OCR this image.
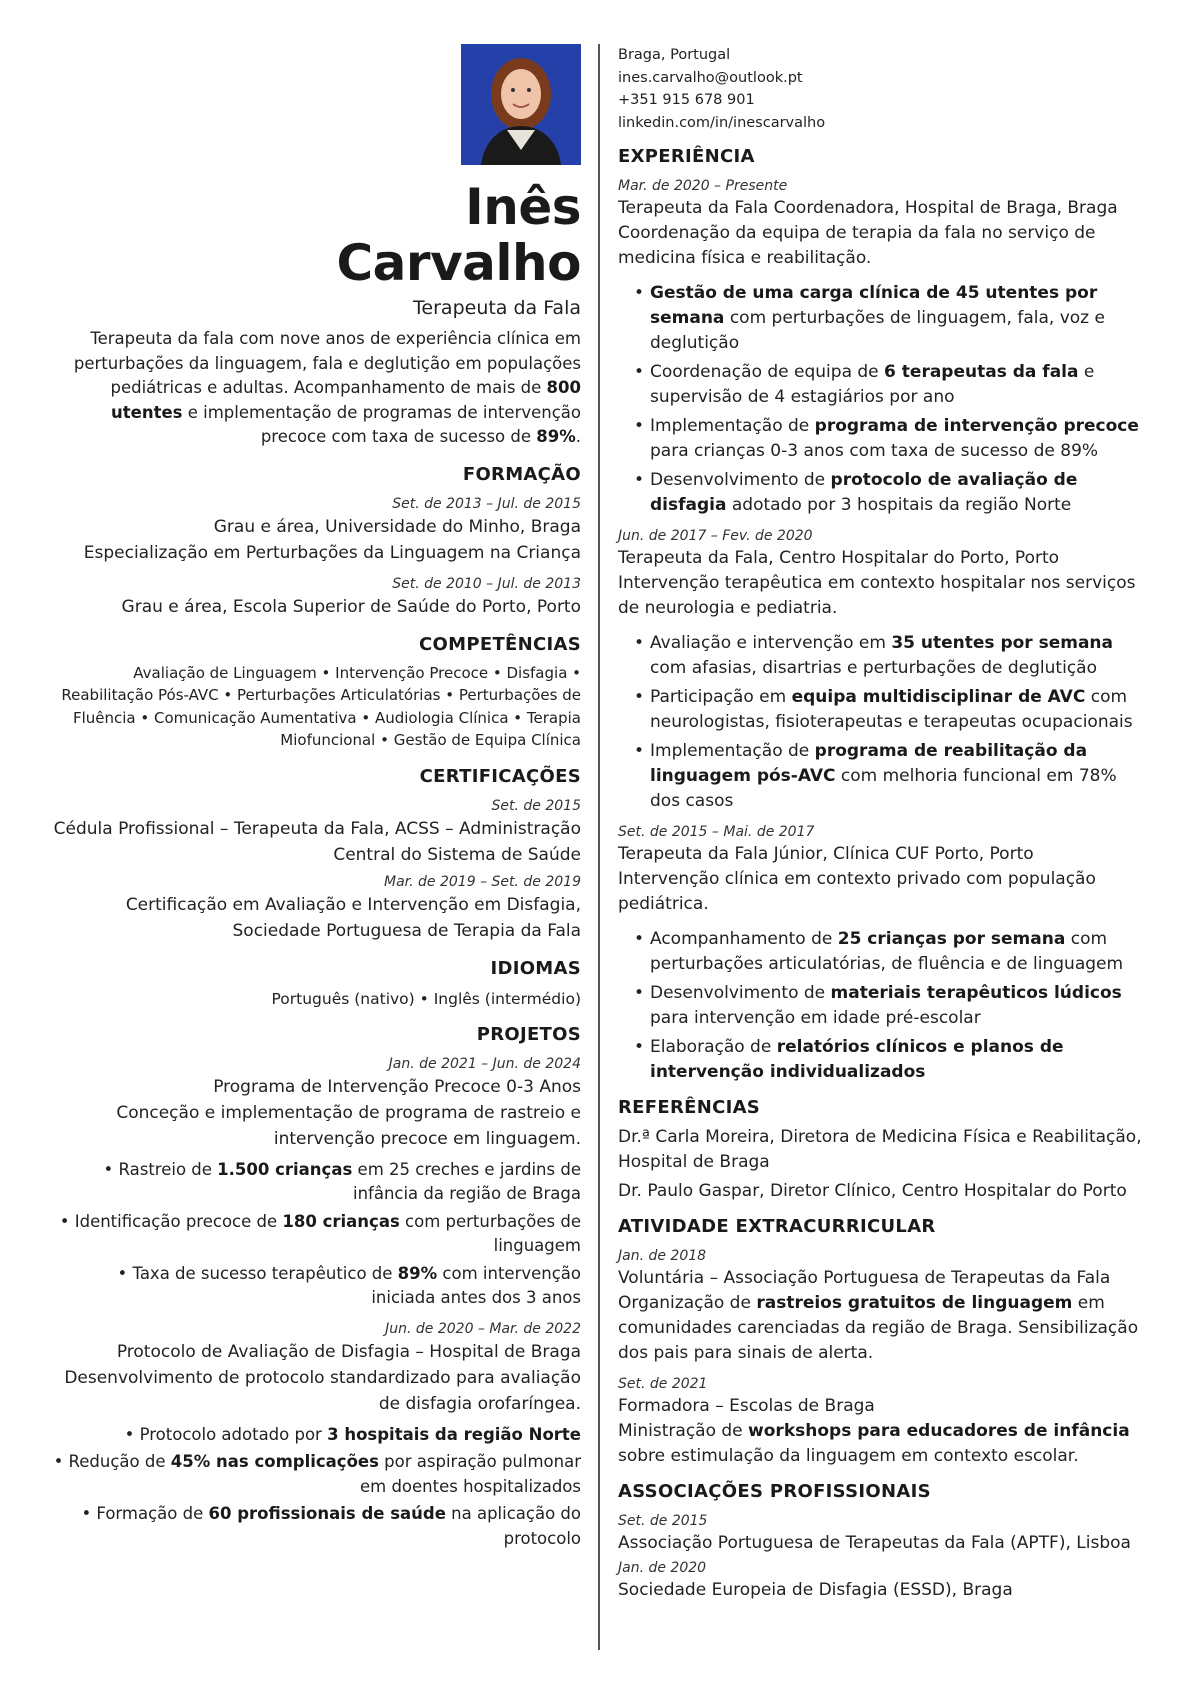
Inês
Carvalho
Terapeuta da Fala
Terapeuta da fala com nove anos de experiência clínica em perturbações da linguagem, fala e deglutição em populações pediátricas e adultas. Acompanhamento de mais de 800 utentes e implementação de programas de intervenção precoce com taxa de sucesso de 89%.
FORMAÇÃO
Set. de 2013 – Jul. de 2015
Grau e área, Universidade do Minho, Braga
Especialização em Perturbações da Linguagem na Criança
Set. de 2010 – Jul. de 2013
Grau e área, Escola Superior de Saúde do Porto, Porto
COMPETÊNCIAS
Avaliação de Linguagem • Intervenção Precoce • Disfagia • Reabilitação Pós-AVC • Perturbações Articulatórias • Perturbações de Fluência • Comunicação Aumentativa • Audiologia Clínica • Terapia Miofuncional • Gestão de Equipa Clínica
CERTIFICAÇÕES
Set. de 2015
Cédula Profissional – Terapeuta da Fala, ACSS – Administração Central do Sistema de Saúde
Mar. de 2019 – Set. de 2019
Certificação em Avaliação e Intervenção em Disfagia, Sociedade Portuguesa de Terapia da Fala
IDIOMAS
Português (nativo) • Inglês (intermédio)
PROJETOS
Jan. de 2021 – Jun. de 2024
Programa de Intervenção Precoce 0-3 Anos
Conceção e implementação de programa de rastreio e intervenção precoce em linguagem.
• Rastreio de 1.500 crianças em 25 creches e jardins de infância da região de Braga
• Identificação precoce de 180 crianças com perturbações de linguagem
• Taxa de sucesso terapêutico de 89% com intervenção iniciada antes dos 3 anos
Jun. de 2020 – Mar. de 2022
Protocolo de Avaliação de Disfagia – Hospital de Braga
Desenvolvimento de protocolo standardizado para avaliação de disfagia orofaríngea.
• Protocolo adotado por 3 hospitais da região Norte
• Redução de 45% nas complicações por aspiração pulmonar em doentes hospitalizados
• Formação de 60 profissionais de saúde na aplicação do protocolo
Braga, Portugal
ines.carvalho@outlook.pt
+351 915 678 901
linkedin.com/in/inescarvalho
EXPERIÊNCIA
Mar. de 2020 – Presente
Terapeuta da Fala Coordenadora, Hospital de Braga, Braga
Coordenação da equipa de terapia da fala no serviço de medicina física e reabilitação.
• Gestão de uma carga clínica de 45 utentes por semana com perturbações de linguagem, fala, voz e deglutição
• Coordenação de equipa de 6 terapeutas da fala e supervisão de 4 estagiários por ano
• Implementação de programa de intervenção precoce para crianças 0-3 anos com taxa de sucesso de 89%
• Desenvolvimento de protocolo de avaliação de disfagia adotado por 3 hospitais da região Norte
Jun. de 2017 – Fev. de 2020
Terapeuta da Fala, Centro Hospitalar do Porto, Porto
Intervenção terapêutica em contexto hospitalar nos serviços de neurologia e pediatria.
• Avaliação e intervenção em 35 utentes por semana com afasias, disartrias e perturbações de deglutição
• Participação em equipa multidisciplinar de AVC com neurologistas, fisioterapeutas e terapeutas ocupacionais
• Implementação de programa de reabilitação da linguagem pós-AVC com melhoria funcional em 78% dos casos
Set. de 2015 – Mai. de 2017
Terapeuta da Fala Júnior, Clínica CUF Porto, Porto
Intervenção clínica em contexto privado com população pediátrica.
• Acompanhamento de 25 crianças por semana com perturbações articulatórias, de fluência e de linguagem
• Desenvolvimento de materiais terapêuticos lúdicos para intervenção em idade pré-escolar
• Elaboração de relatórios clínicos e planos de intervenção individualizados
REFERÊNCIAS
Dr.ª Carla Moreira, Diretora de Medicina Física e Reabilitação, Hospital de Braga
Dr. Paulo Gaspar, Diretor Clínico, Centro Hospitalar do Porto
ATIVIDADE EXTRACURRICULAR
Jan. de 2018
Voluntária – Associação Portuguesa de Terapeutas da Fala
Organização de rastreios gratuitos de linguagem em comunidades carenciadas da região de Braga. Sensibilização dos pais para sinais de alerta.
Set. de 2021
Formadora – Escolas de Braga
Ministração de workshops para educadores de infância sobre estimulação da linguagem em contexto escolar.
ASSOCIAÇÕES PROFISSIONAIS
Set. de 2015
Associação Portuguesa de Terapeutas da Fala (APTF), Lisboa
Jan. de 2020
Sociedade Europeia de Disfagia (ESSD), Braga
